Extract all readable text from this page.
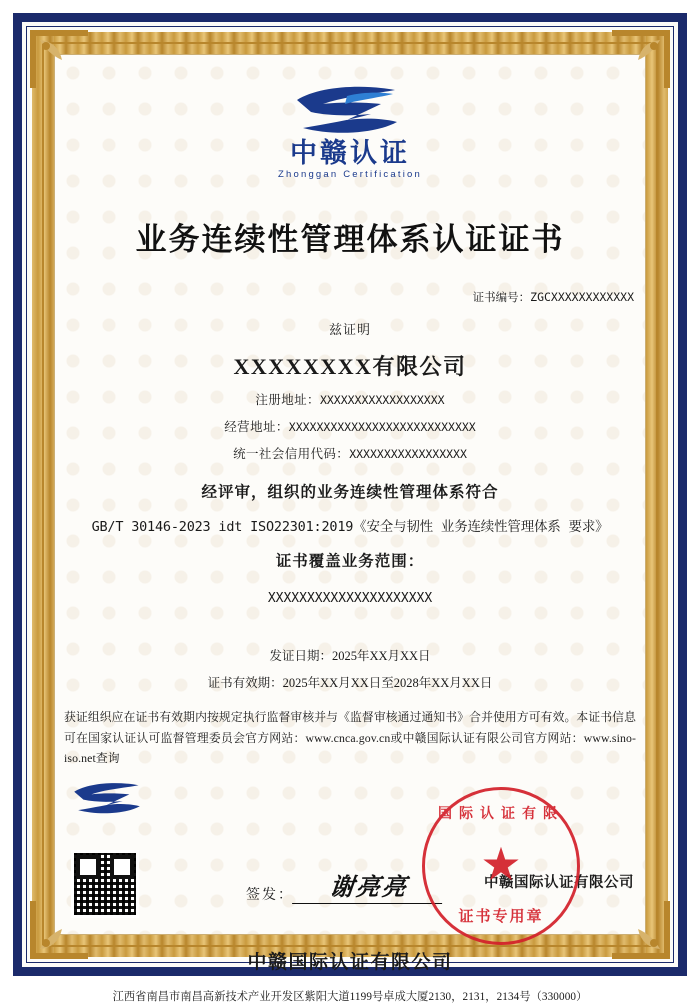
中赣认证
Zhonggan Certification
业务连续性管理体系认证证书
证书编号：ZGCXXXXXXXXXXXX
兹证明
XXXXXXXX有限公司
注册地址：XXXXXXXXXXXXXXXXXX
经营地址：XXXXXXXXXXXXXXXXXXXXXXXXXXX
统一社会信用代码：XXXXXXXXXXXXXXXXX
经评审，组织的业务连续性管理体系符合
GB/T 30146-2023 idt ISO22301:2019《安全与韧性 业务连续性管理体系 要求》
证书覆盖业务范围：
XXXXXXXXXXXXXXXXXXXXX
发证日期：2025年XX月XX日
证书有效期：2025年XX月XX日至2028年XX月XX日
获证组织应在证书有效期内按规定执行监督审核并与《监督审核通过通知书》合并使用方可有效。本证书信息可在国家认证认可监督管理委员会官方网站：www.cnca.gov.cn或中赣国际认证有限公司官方网站：www.sino-iso.net查询
签发：	谢亮亮	中赣国际认证有限公司
国际认证有限
★
证书专用章
中赣国际认证有限公司
江西省南昌市南昌高新技术产业开发区紫阳大道1199号卓成大厦2130，2131，2134号（330000）
